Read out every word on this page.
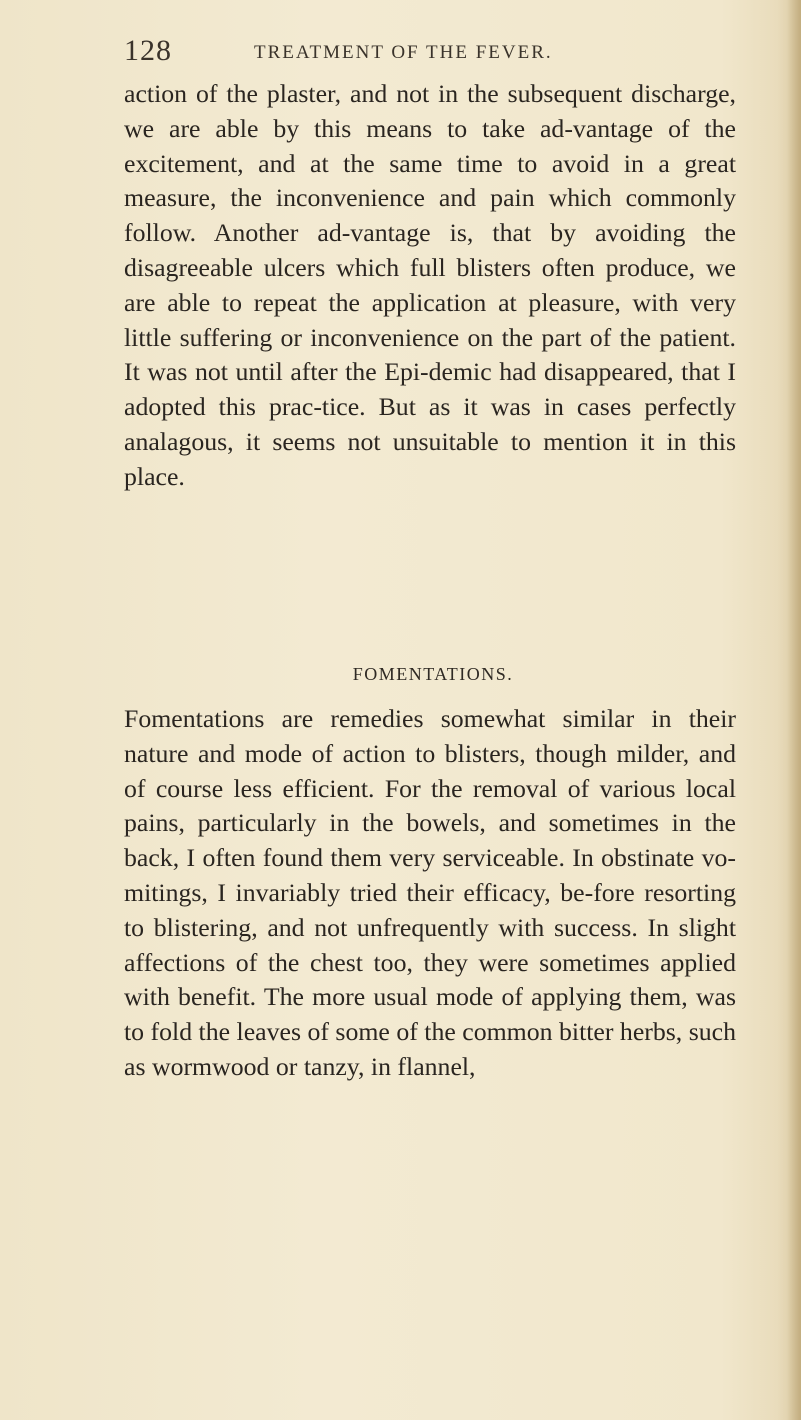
128	TREATMENT OF THE FEVER.
action of the plaster, and not in the subsequent discharge, we are able by this means to take ad-vantage of the excitement, and at the same time to avoid in a great measure, the inconvenience and pain which commonly follow. Another ad-vantage is, that by avoiding the disagreeable ulcers which full blisters often produce, we are able to repeat the application at pleasure, with very little suffering or inconvenience on the part of the patient. It was not until after the Epi-demic had disappeared, that I adopted this prac-tice. But as it was in cases perfectly analagous, it seems not unsuitable to mention it in this place.
FOMENTATIONS.
Fomentations are remedies somewhat similar in their nature and mode of action to blisters, though milder, and of course less efficient. For the removal of various local pains, particularly in the bowels, and sometimes in the back, I often found them very serviceable. In obstinate vo-mitings, I invariably tried their efficacy, be-fore resorting to blistering, and not unfrequently with success. In slight affections of the chest too, they were sometimes applied with benefit. The more usual mode of applying them, was to fold the leaves of some of the common bitter herbs, such as wormwood or tanzy, in flannel,
